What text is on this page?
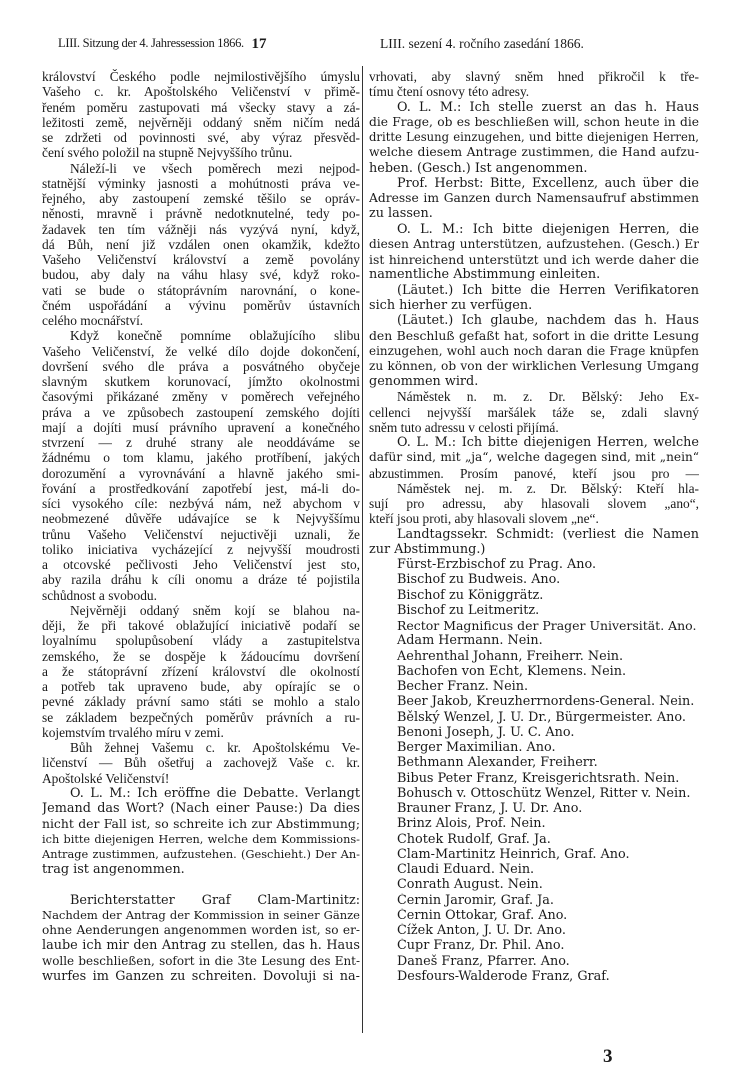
LIII. Sitzung der 4. Jahressession 1866. 17	LIII. sezení 4. ročního zasedání 1866.
království Českého podle nejmilostivějšího úmyslu
Vašeho c. kr. Apoštolského Veličenství v přimě-
řeném poměru zastupovati má všecky stavy a zá-
ležitosti země, nejvěrněji oddaný sněm ničím nedá
se zdržeti od povinnosti své, aby výraz přesvěd-
čení svého položil na stupně Nejvyššího trůnu.
Náleží-li ve všech poměrech mezi nejpod-
statnější výminky jasnosti a mohútnosti práva ve-
řejného, aby zastoupení zemské těšilo se opráv-
něnosti, mravně i právně nedotknutelné, tedy po-
žadavek ten tím vážněji nás vyzývá nyní, když,
dá Bůh, není již vzdálen onen okamžik, kdežto
Vašeho Veličenství království a země povolány
budou, aby daly na váhu hlasy své, když roko-
vati se bude o státoprávním narovnání, o kone-
čném uspořádání a vývinu poměrův ústavních
celého mocnářství.
Když konečně pomníme oblažujícího slibu
Vašeho Veličenství, že velké dílo dojde dokončení,
dovršení svého dle práva a posvátného obyčeje
slavným skutkem korunovací, jímžto okolnostmi
časovými přikázané změny v poměrech veřejného
práva a ve způsobech zastoupení zemského dojíti
mají a dojíti musí právního upravení a konečného
stvrzení — z druhé strany ale neoddáváme se
žádnému o tom klamu, jakého protříbení, jakých
dorozumění a vyrovnávání a hlavně jakého smi-
řování a prostředkování zapotřebí jest, má-li do-
síci vysokého cíle: nezbývá nám, než abychom v
neobmezené důvěře udávajíce se k Nejvyššímu
trůnu Vašeho Veličenství nejuctivěji uznali, že
toliko iniciativa vycházející z nejvyšší moudrosti
a otcovské pečlivosti Jeho Veličenství jest sto,
aby razila dráhu k cíli onomu a dráze té pojistila
schůdnost a svobodu.
Nejvěrněji oddaný sněm kojí se blahou na-
ději, že při takové oblažující iniciativě podaří se
loyalnímu spolupůsobení vlády a zastupitelstva
zemského, že se dospěje k žádoucímu dovršení
a že státoprávní zřízení království dle okolností
a potřeb tak upraveno bude, aby opírajíc se o
pevné základy právní samo státi se mohlo a stalo
se základem bezpečných poměrův právních a ru-
kojemstvím trvalého míru v zemi.
Bůh žehnej Vašemu c. kr. Apoštolskému Ve-
ličenství — Bůh ošetřuj a zachovejž Vaše c. kr.
Apoštolské Veličenství!
O. L. M.: Ich eröffne die Debatte. Verlangt
Jemand das Wort? (Nach einer Pause:) Da dies
nicht der Fall ist, so schreite ich zur Abstimmung;
ich bitte diejenigen Herren, welche dem Kommissions-
Antrage zustimmen, aufzustehen. (Geschieht.) Der An-
trag ist angenommen.
Berichterstatter Graf Clam-Martinitz:
Nachdem der Antrag der Kommission in seiner Gänze
ohne Aenderungen angenommen worden ist, so er-
laube ich mir den Antrag zu stellen, das h. Haus
wolle beschließen, sofort in die 3te Lesung des Ent-
wurfes im Ganzen zu schreiten. Dovoluji si na-
vrhovati, aby slavný sněm hned přikročil k tře-
tímu čtení osnovy této adresy.
O. L. M.: Ich stelle zuerst an das h. Haus
die Frage, ob es beschließen will, schon heute in die
dritte Lesung einzugehen, und bitte diejenigen Herren,
welche diesem Antrage zustimmen, die Hand aufzu-
heben. (Gesch.) Ist angenommen.
Prof. Herbst: Bitte, Excellenz, auch über die
Adresse im Ganzen durch Namensaufruf abstimmen
zu lassen.
O. L. M.: Ich bitte diejenigen Herren, die
diesen Antrag unterstützen, aufzustehen. (Gesch.) Er
ist hinreichend unterstützt und ich werde daher die
namentliche Abstimmung einleiten.
(Läutet.) Ich bitte die Herren Verifikatoren
sich hierher zu verfügen.
(Läutet.) Ich glaube, nachdem das h. Haus
den Beschluß gefaßt hat, sofort in die dritte Lesung
einzugehen, wohl auch noch daran die Frage knüpfen
zu können, ob von der wirklichen Verlesung Umgang
genommen wird.
Náměstek n. m. z. Dr. Bělský: Jeho Ex-
cellenci nejvyšší maršálek táže se, zdali slavný
sněm tuto adressu v celosti přijímá.
O. L. M.: Ich bitte diejenigen Herren, welche
dafür sind, mit „ja“, welche dagegen sind, mit „nein“
abzustimmen. Prosím panové, kteří jsou pro —
Náměstek nej. m. z. Dr. Bělský: Kteří hla-
sují pro adressu, aby hlasovali slovem „ano“,
kteří jsou proti, aby hlasovali slovem „ne“.
Landtagssekr. Schmidt: (verliest die Namen
zur Abstimmung.)
Fürst-Erzbischof zu Prag. Ano.
Bischof zu Budweis. Ano.
Bischof zu Königgrätz.
Bischof zu Leitmeritz.
Rector Magnificus der Prager Universität. Ano.
Adam Hermann. Nein.
Aehrenthal Johann, Freiherr. Nein.
Bachofen von Echt, Klemens. Nein.
Becher Franz. Nein.
Beer Jakob, Kreuzherrnordens-General. Nein.
Bělský Wenzel, J. U. Dr., Bürgermeister. Ano.
Benoni Joseph, J. U. C. Ano.
Berger Maximilian. Ano.
Bethmann Alexander, Freiherr.
Bibus Peter Franz, Kreisgerichtsrath. Nein.
Bohusch v. Ottoschütz Wenzel, Ritter v. Nein.
Brauner Franz, J. U. Dr. Ano.
Brinz Alois, Prof. Nein.
Chotek Rudolf, Graf. Ja.
Clam-Martinitz Heinrich, Graf. Ano.
Claudi Eduard. Nein.
Conrath August. Nein.
Černin Jaromir, Graf. Ja.
Černin Ottokar, Graf. Ano.
Čížek Anton, J. U. Dr. Ano.
Čupr Franz, Dr. Phil. Ano.
Daneš Franz, Pfarrer. Ano.
Desfours-Walderode Franz, Graf.
3
